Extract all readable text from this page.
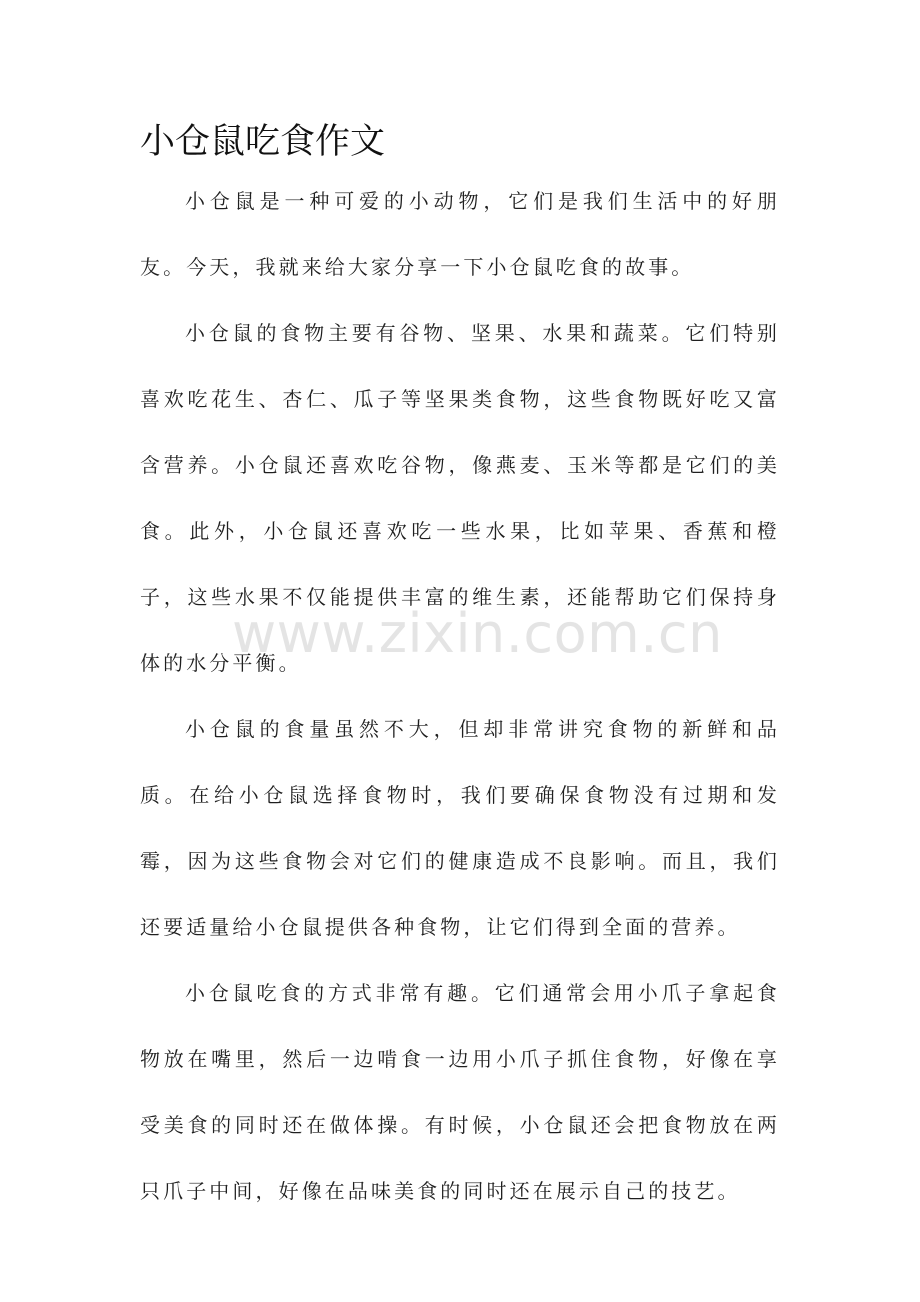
小仓鼠吃食作文

小仓鼠是一种可爱的小动物，它们是我们生活中的好朋友。今天，我就来给大家分享一下小仓鼠吃食的故事。

小仓鼠的食物主要有谷物、坚果、水果和蔬菜。它们特别喜欢吃花生、杏仁、瓜子等坚果类食物，这些食物既好吃又富含营养。小仓鼠还喜欢吃谷物，像燕麦、玉米等都是它们的美食。此外，小仓鼠还喜欢吃一些水果，比如苹果、香蕉和橙子，这些水果不仅能提供丰富的维生素，还能帮助它们保持身体的水分平衡。

小仓鼠的食量虽然不大，但却非常讲究食物的新鲜和品质。在给小仓鼠选择食物时，我们要确保食物没有过期和发霉，因为这些食物会对它们的健康造成不良影响。而且，我们还要适量给小仓鼠提供各种食物，让它们得到全面的营养。

小仓鼠吃食的方式非常有趣。它们通常会用小爪子拿起食物放在嘴里，然后一边啃食一边用小爪子抓住食物，好像在享受美食的同时还在做体操。有时候，小仓鼠还会把食物放在两只爪子中间，好像在品味美食的同时还在展示自己的技艺。

www.zixin.com.cn
